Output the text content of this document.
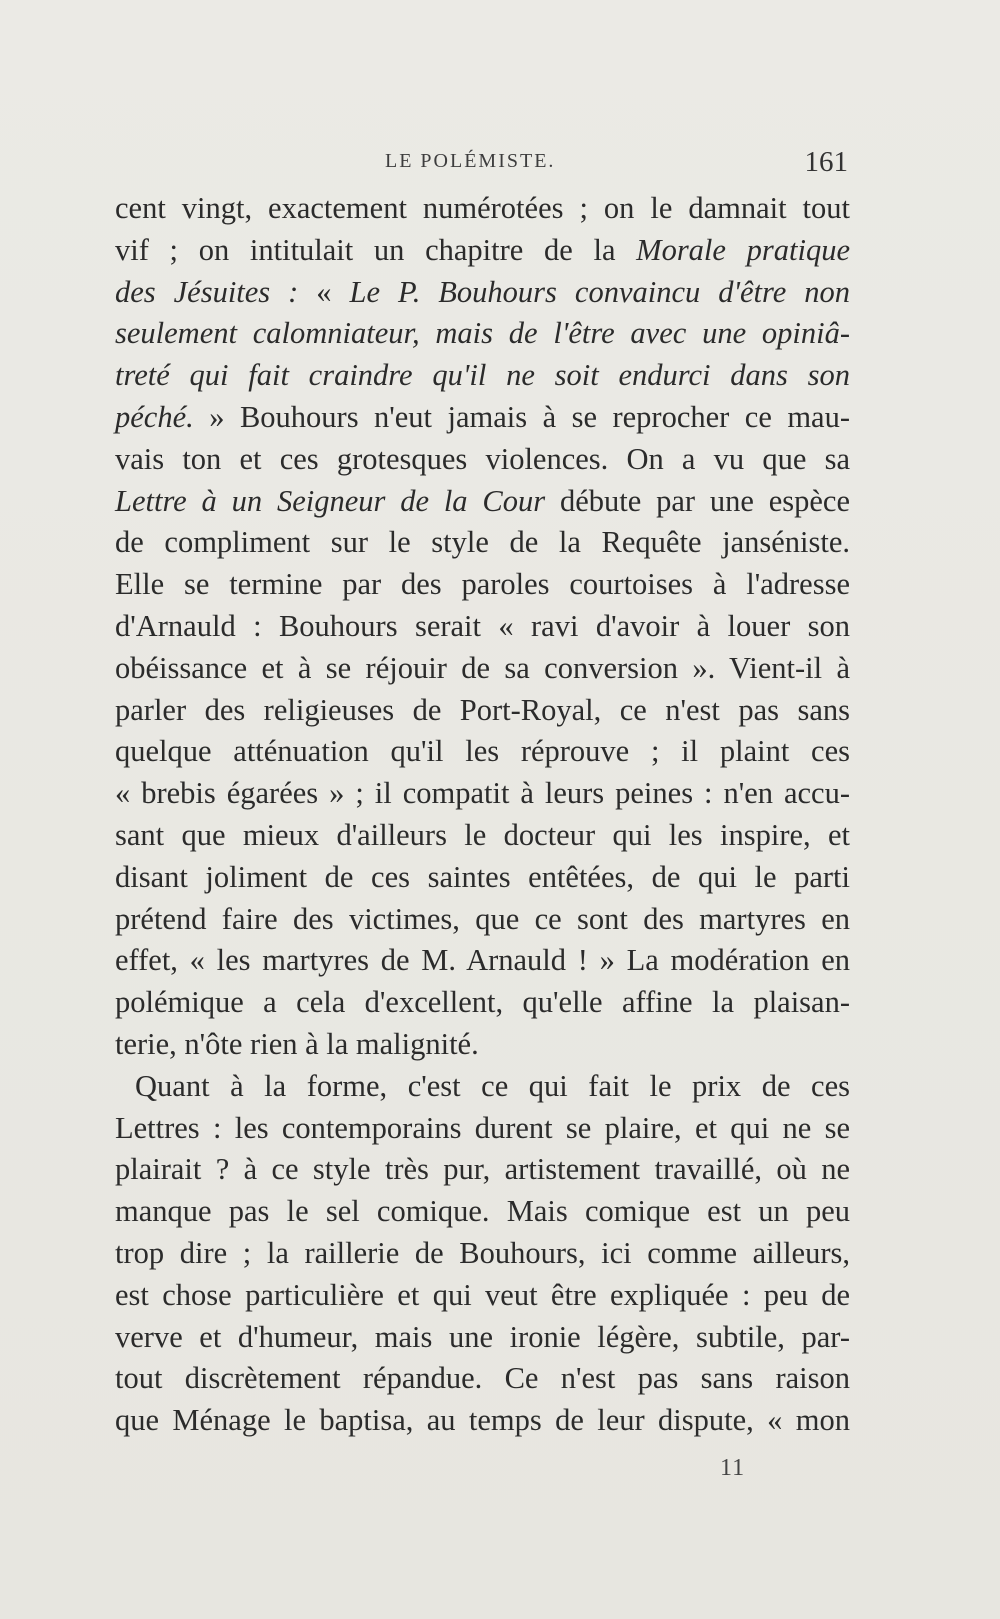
LE POLÉMISTE.	161

cent vingt, exactement numérotées ; on le damnait tout

vif ; on intitulait un chapitre de la Morale pratique

des Jésuites : « Le P. Bouhours convaincu d'être non

seulement calomniateur, mais de l'être avec une opiniâ-

treté qui fait craindre qu'il ne soit endurci dans son

péché. » Bouhours n'eut jamais à se reprocher ce mau-

vais ton et ces grotesques violences. On a vu que sa

Lettre à un Seigneur de la Cour débute par une espèce

de compliment sur le style de la Requête janséniste.

Elle se termine par des paroles courtoises à l'adresse

d'Arnauld : Bouhours serait « ravi d'avoir à louer son

obéissance et à se réjouir de sa conversion ». Vient-il à

parler des religieuses de Port-Royal, ce n'est pas sans

quelque atténuation qu'il les réprouve ; il plaint ces

« brebis égarées » ; il compatit à leurs peines : n'en accu-

sant que mieux d'ailleurs le docteur qui les inspire, et

disant joliment de ces saintes entêtées, de qui le parti

prétend faire des victimes, que ce sont des martyres en

effet, « les martyres de M. Arnauld ! » La modération en

polémique a cela d'excellent, qu'elle affine la plaisan-

terie, n'ôte rien à la malignité.

Quant à la forme, c'est ce qui fait le prix de ces

Lettres : les contemporains durent se plaire, et qui ne se

plairait ? à ce style très pur, artistement travaillé, où ne

manque pas le sel comique. Mais comique est un peu

trop dire ; la raillerie de Bouhours, ici comme ailleurs,

est chose particulière et qui veut être expliquée : peu de

verve et d'humeur, mais une ironie légère, subtile, par-

tout discrètement répandue. Ce n'est pas sans raison

que Ménage le baptisa, au temps de leur dispute, « mon

11
